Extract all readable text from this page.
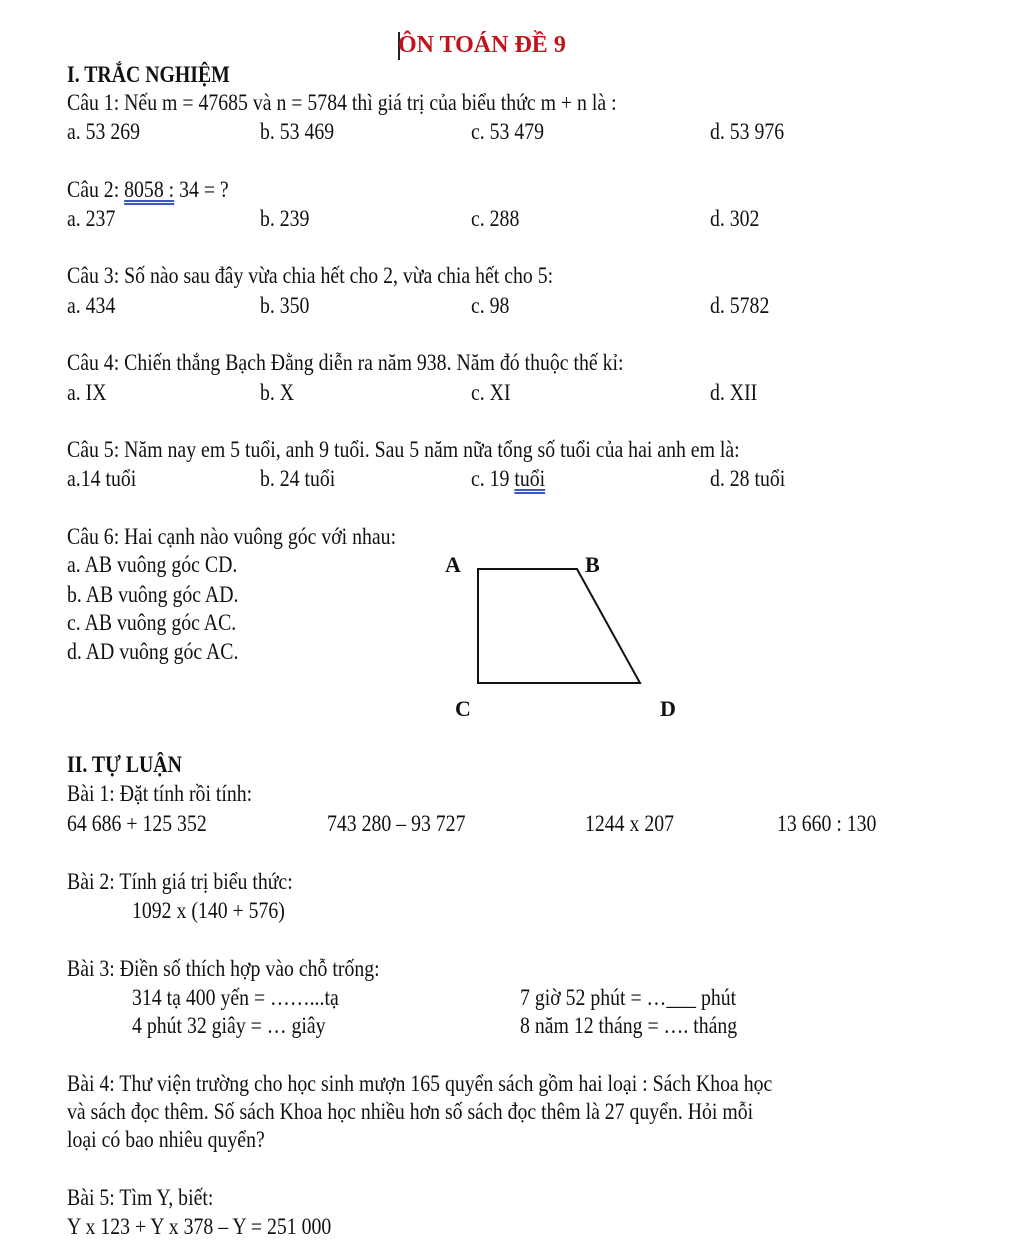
ÔN TOÁN ĐỀ 9
I. TRẮC NGHIỆM
Câu 1: Nếu m = 47685 và n = 5784 thì giá trị của biểu thức m + n là :
a. 53 269	b. 53 469	c. 53 479	d. 53 976
Câu 2: 8058 : 34 = ?
a. 237	b. 239	c. 288	d. 302
Câu 3: Số nào sau đây vừa chia hết cho 2, vừa chia hết cho 5:
a. 434	b. 350	c. 98	d. 5782
Câu 4: Chiến thắng Bạch Đằng diễn ra năm 938. Năm đó thuộc thế kỉ:
a. IX	b. X	c. XI	d. XII
Câu 5: Năm nay em 5 tuổi, anh 9 tuổi. Sau 5 năm nữa tổng số tuổi của hai anh em là:
a.14 tuổi	b. 24 tuổi	c. 19 tuổi	d. 28 tuổi
Câu 6: Hai cạnh nào vuông góc với nhau:
a. AB vuông góc CD.
b. AB vuông góc AD.
c. AB vuông góc AC.
d. AD vuông góc AC.
A	B
C	D
II. TỰ LUẬN
Bài 1: Đặt tính rồi tính:
64 686 + 125 352	743 280 – 93 727	1244 x 207	13 660 : 130
Bài 2: Tính giá trị biểu thức:
1092 x (140 + 576)
Bài 3: Điền số thích hợp vào chỗ trống:
314 tạ 400 yến = ……...tạ	7 giờ 52 phút = …___ phút
4 phút 32 giây = … giây	8 năm 12 tháng = …. tháng
Bài 4: Thư viện trường cho học sinh mượn 165 quyển sách gồm hai loại : Sách Khoa học
và sách đọc thêm. Số sách Khoa học nhiều hơn số sách đọc thêm là 27 quyển. Hỏi mỗi
loại có bao nhiêu quyển?
Bài 5: Tìm Y, biết:
Y x 123 + Y x 378 – Y = 251 000
